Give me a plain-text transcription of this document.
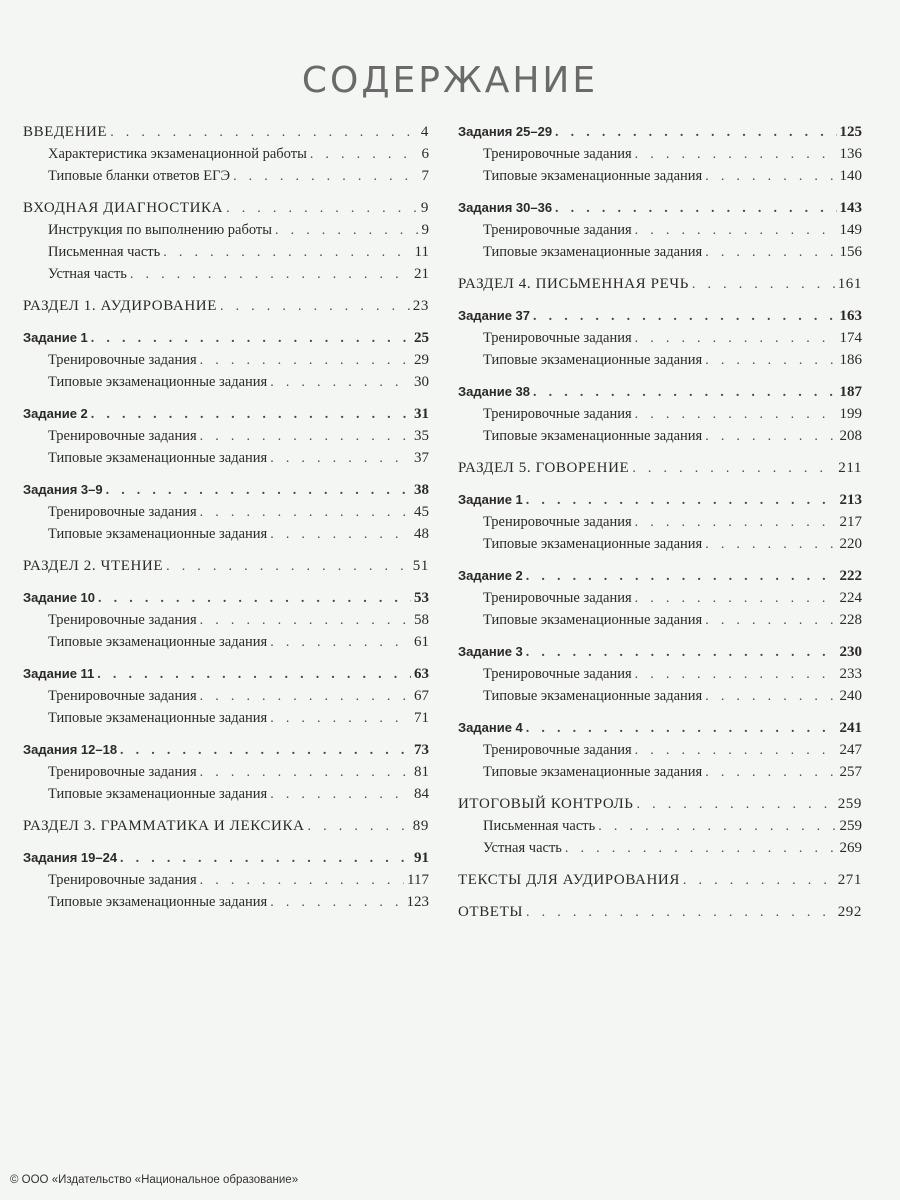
СОДЕРЖАНИЕ
ВВЕДЕНИЕ . . .	4
Характеристика экзаменационной работы . . .	6
Типовые бланки ответов ЕГЭ . . .	7
ВХОДНАЯ ДИАГНОСТИКА . . .	9
Инструкция по выполнению работы . . .	9
Письменная часть . . .	11
Устная часть . . .	21
РАЗДЕЛ 1. АУДИРОВАНИЕ . . .	23
Задание 1 . . .	25
Тренировочные задания . . .	29
Типовые экзаменационные задания . . .	30
Задание 2 . . .	31
Тренировочные задания . . .	35
Типовые экзаменационные задания . . .	37
Задания 3–9 . . .	38
Тренировочные задания . . .	45
Типовые экзаменационные задания . . .	48
РАЗДЕЛ 2. ЧТЕНИЕ . . .	51
Задание 10 . . .	53
Тренировочные задания . . .	58
Типовые экзаменационные задания . . .	61
Задание 11 . . .	63
Тренировочные задания . . .	67
Типовые экзаменационные задания . . .	71
Задания 12–18 . . .	73
Тренировочные задания . . .	81
Типовые экзаменационные задания . . .	84
РАЗДЕЛ 3. ГРАММАТИКА И ЛЕКСИКА . . .	89
Задания 19–24 . . .	91
Тренировочные задания . . .	117
Типовые экзаменационные задания . . .	123
Задания 25–29 . . .	125
Тренировочные задания . . .	136
Типовые экзаменационные задания . . .	140
Задания 30–36 . . .	143
Тренировочные задания . . .	149
Типовые экзаменационные задания . . .	156
РАЗДЕЛ 4. ПИСЬМЕННАЯ РЕЧЬ . . .	161
Задание 37 . . .	163
Тренировочные задания . . .	174
Типовые экзаменационные задания . . .	186
Задание 38 . . .	187
Тренировочные задания . . .	199
Типовые экзаменационные задания . . .	208
РАЗДЕЛ 5. ГОВОРЕНИЕ . . .	211
Задание 1 . . .	213
Тренировочные задания . . .	217
Типовые экзаменационные задания . . .	220
Задание 2 . . .	222
Тренировочные задания . . .	224
Типовые экзаменационные задания . . .	228
Задание 3 . . .	230
Тренировочные задания . . .	233
Типовые экзаменационные задания . . .	240
Задание 4 . . .	241
Тренировочные задания . . .	247
Типовые экзаменационные задания . . .	257
ИТОГОВЫЙ КОНТРОЛЬ . . .	259
Письменная часть . . .	259
Устная часть . . .	269
ТЕКСТЫ ДЛЯ АУДИРОВАНИЯ . . .	271
ОТВЕТЫ . . .	292
© ООО «Издательство «Национальное образование»
